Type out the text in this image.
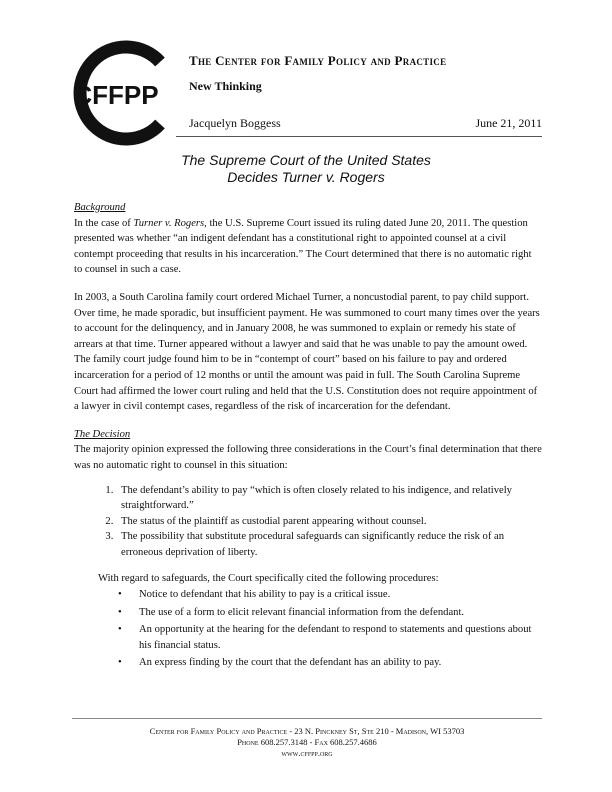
CFFPP
The Center for Family Policy and Practice
New Thinking
Jacquelyn Boggess	June 21, 2011
The Supreme Court of the United States
Decides Turner v. Rogers
Background

In the case of Turner v. Rogers, the U.S. Supreme Court issued its ruling dated June 20, 2011. The question presented was whether “an indigent defendant has a constitutional right to appointed counsel at a civil contempt proceeding that results in his incarceration.” The Court determined that there is no automatic right to counsel in such a case.

In 2003, a South Carolina family court ordered Michael Turner, a noncustodial parent, to pay child support. Over time, he made sporadic, but insufficient payment. He was summoned to court many times over the years to account for the delinquency, and in January 2008, he was summoned to explain or remedy his state of arrears at that time. Turner appeared without a lawyer and said that he was unable to pay the amount owed. The family court judge found him to be in “contempt of court” based on his failure to pay and ordered incarceration for a period of 12 months or until the amount was paid in full. The South Carolina Supreme Court had affirmed the lower court ruling and held that the U.S. Constitution does not require appointment of a lawyer in civil contempt cases, regardless of the risk of incarceration for the defendant.

The Decision

The majority opinion expressed the following three considerations in the Court’s final determination that there was no automatic right to counsel in this situation:

1. The defendant’s ability to pay “which is often closely related to his indigence, and relatively straightforward.”
2. The status of the plaintiff as custodial parent appearing without counsel.
3. The possibility that substitute procedural safeguards can significantly reduce the risk of an erroneous deprivation of liberty.

With regard to safeguards, the Court specifically cited the following procedures:

• Notice to defendant that his ability to pay is a critical issue.
• The use of a form to elicit relevant financial information from the defendant.
• An opportunity at the hearing for the defendant to respond to statements and questions about his financial status.
• An express finding by the court that the defendant has an ability to pay.
Center for Family Policy and Practice - 23 N. Pinckney St, Ste 210 - Madison, WI 53703
Phone 608.257.3148 - Fax 608.257.4686
www.cffpp.org
